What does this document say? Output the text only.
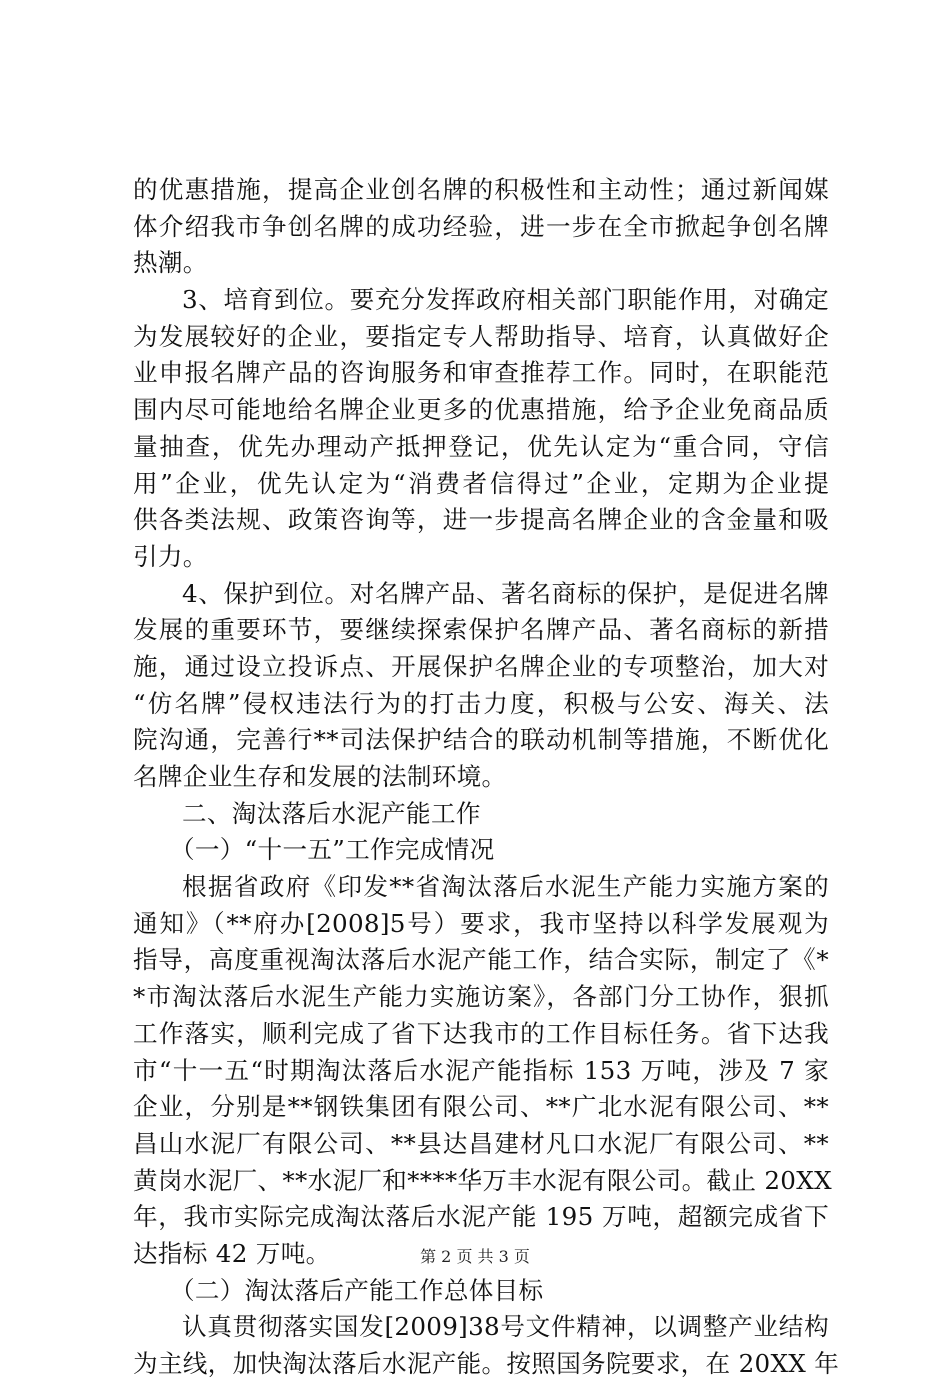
的优惠措施，提高企业创名牌的积极性和主动性；通过新闻媒
体介绍我市争创名牌的成功经验，进一步在全市掀起争创名牌
热潮。
3、培育到位。要充分发挥政府相关部门职能作用，对确定
为发展较好的企业，要指定专人帮助指导、培育，认真做好企
业申报名牌产品的咨询服务和审查推荐工作。同时，在职能范
围内尽可能地给名牌企业更多的优惠措施，给予企业免商品质
量抽查，优先办理动产抵押登记，优先认定为“重合同，守信
用”企业，优先认定为“消费者信得过”企业，定期为企业提
供各类法规、政策咨询等，进一步提高名牌企业的含金量和吸
引力。
4、保护到位。对名牌产品、著名商标的保护，是促进名牌
发展的重要环节，要继续探索保护名牌产品、著名商标的新措
施，通过设立投诉点、开展保护名牌企业的专项整治，加大对
“仿名牌”侵权违法行为的打击力度，积极与公安、海关、法
院沟通，完善行**司法保护结合的联动机制等措施，不断优化
名牌企业生存和发展的法制环境。
二、淘汰落后水泥产能工作
（一）“十一五”工作完成情况
根据省政府《印发**省淘汰落后水泥生产能力实施方案的
通知》（**府办[2008]5号）要求，我市坚持以科学发展观为
指导，高度重视淘汰落后水泥产能工作，结合实际，制定了《*
*市淘汰落后水泥生产能力实施访案》，各部门分工协作，狠抓
工作落实，顺利完成了省下达我市的工作目标任务。省下达我
市“十一五“时期淘汰落后水泥产能指标 153 万吨，涉及 7 家
企业，分别是**钢铁集团有限公司、**广北水泥有限公司、**
昌山水泥厂有限公司、**县达昌建材凡口水泥厂有限公司、**
黄岗水泥厂、**水泥厂和****华万丰水泥有限公司。截止 20XX
年，我市实际完成淘汰落后水泥产能 195 万吨，超额完成省下
达指标 42 万吨。
（二）淘汰落后产能工作总体目标
认真贯彻落实国发[2009]38号文件精神，以调整产业结构
为主线，加快淘汰落后水泥产能。按照国务院要求，在 20XX 年
第 2 页 共 3 页
